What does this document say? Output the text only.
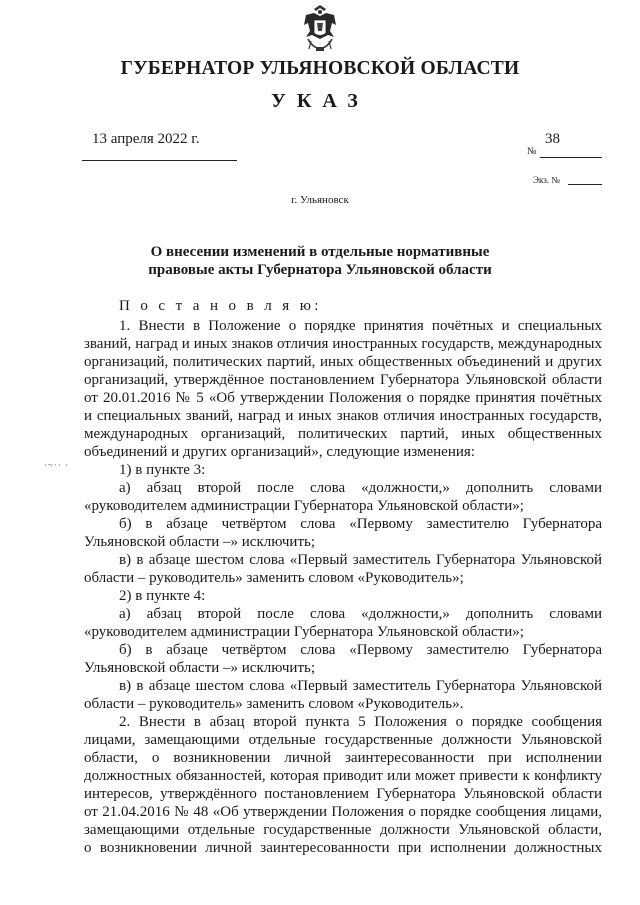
ГУБЕРНАТОР УЛЬЯНОВСКОЙ ОБЛАСТИ
УКАЗ
13 апреля 2022 г.	38
№
Экз. №
г. Ульяновск
О внесении изменений в отдельные нормативные
правовые акты Губернатора Ульяновской области
·~·· ·
П о с т а н о в л я ю:
1. Внести в Положение о порядке принятия почётных и специальных
званий, наград и иных знаков отличия иностранных государств, международных
организаций, политических партий, иных общественных объединений и других
организаций, утверждённое постановлением Губернатора Ульяновской области
от 20.01.2016 № 5 «Об утверждении Положения о порядке принятия почётных
и специальных званий, наград и иных знаков отличия иностранных государств,
международных организаций, политических партий, иных общественных
объединений и других организаций», следующие изменения:
1) в пункте 3:
а) абзац второй после слова «должности,» дополнить словами
«руководителем администрации Губернатора Ульяновской области»;
б) в абзаце четвёртом слова «Первому заместителю Губернатора
Ульяновской области –» исключить;
в) в абзаце шестом слова «Первый заместитель Губернатора Ульяновской
области – руководитель» заменить словом «Руководитель»;
2) в пункте 4:
а) абзац второй после слова «должности,» дополнить словами
«руководителем администрации Губернатора Ульяновской области»;
б) в абзаце четвёртом слова «Первому заместителю Губернатора
Ульяновской области –» исключить;
в) в абзаце шестом слова «Первый заместитель Губернатора Ульяновской
области – руководитель» заменить словом «Руководитель».
2. Внести в абзац второй пункта 5 Положения о порядке сообщения
лицами, замещающими отдельные государственные должности Ульяновской
области, о возникновении личной заинтересованности при исполнении
должностных обязанностей, которая приводит или может привести к конфликту
интересов, утверждённого постановлением Губернатора Ульяновской области
от 21.04.2016 № 48 «Об утверждении Положения о порядке сообщения лицами,
замещающими отдельные государственные должности Ульяновской области,
о возникновении личной заинтересованности при исполнении должностных
